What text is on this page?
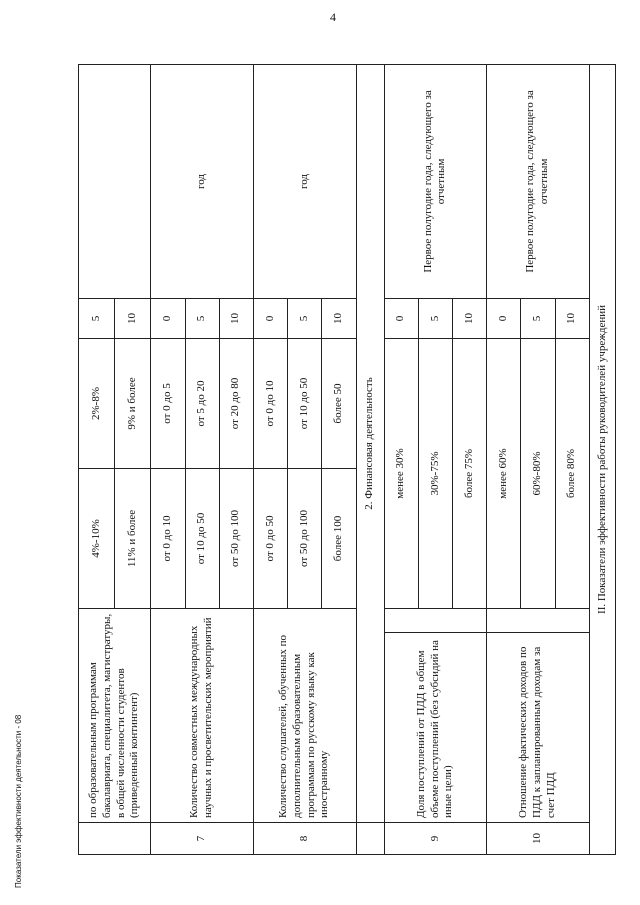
4
Показатели эффективности деятельности - 08
		по образовательным программам бакалавриата, специалитета, магистратуры, в общей численности студентов (приведенный контингент)		4%-10%	2%-8%	5	
			11% и более	9% и более	10	
7	Количество совместных международных научных и просветительских мероприятий		от 0 до 10	от 0 до 5	0	год
			от 10 до 50	от 5 до 20	5	
			от 50 до 100	от 20 до 80	10	
8	Количество слушателей, обученных по дополнительным образовательным программам по русскому языку как иностранному		от 0 до 50	от 0 до 10	0	год
			от 50 до 100	от 10 до 50	5	
			более 100	более 50	10	
	2. Финансовая деятельность					
9	Доля поступлений от ПДД в общем объеме поступлений (без субсидий на иные цели)		менее 30%		0	Первое полугодие года, следующего за отчетным
			30%-75%		5	
			более 75%		10	
10	Отношение фактических доходов по ПДД к запланированным доходам за счет ПДД		менее 60%		0	Первое полугодие года, следующего за отчетным
			60%-80%		5	
			более 80%		10	
II. Показатели эффективности работы руководителей учреждений						
